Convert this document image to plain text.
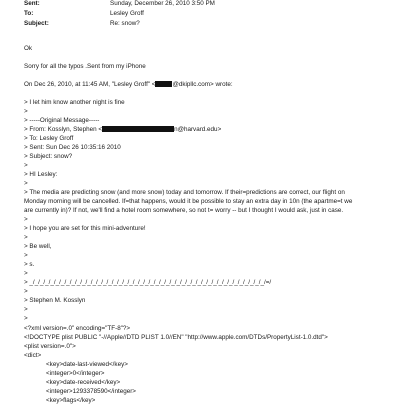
Sent:	Sunday, December 26, 2010 3:50 PM
To:	Lesley Groff
Subject:	Re: snow?
Ok
Sorry for all the typos .Sent from my iPhone
On Dec 26, 2010, at 11:45 AM, "Lesley Groff" <	@dkipllc.com> wrote:
> I let him know another night is fine
>
> -----Original Message-----
> From: Kosslyn, Stephen <	n@harvard.edu>
> To: Lesley Groff
> Sent: Sun Dec 26 10:35:16 2010
> Subject: snow?
>
> HI Lesley:
>
> The media are predicting snow (and more snow) today and tomorrow. If their=predictions are correct, our flight on
Monday morning will be cancelled. If=that happens, would it be possible to stay an extra day in 10n (the apartme=t we
are currently in)? If not, we'll find a hotel room somewhere, so not t= worry -- but I thought I would ask, just in case.
>
> I hope you are set for this mini-adventure!
>
> Be well,
>
> s.
>
> _/_/_/_/_/_/_/_/_/_/_/_/_/_/_/_/_/_/_/_/_/_/_/_/_/_/_/_/_/_/_/_/_/_/_/_/_/_/_/_/_/_/_/_/_/=/
>
> Stephen M. Kosslyn
>
>
<?xml version=.0" encoding="TF-8"?>
<!DOCTYPE plist PUBLIC "-//Apple//DTD PLIST 1.0//EN" "http://www.apple.com/DTDs/PropertyList-1.0.dtd">
<plist version=.0">
<dict>
<key>date-last-viewed</key>
<integer>0</integer>
<key>date-received</key>
<integer>1293378590</integer>
<key>flags</key>
